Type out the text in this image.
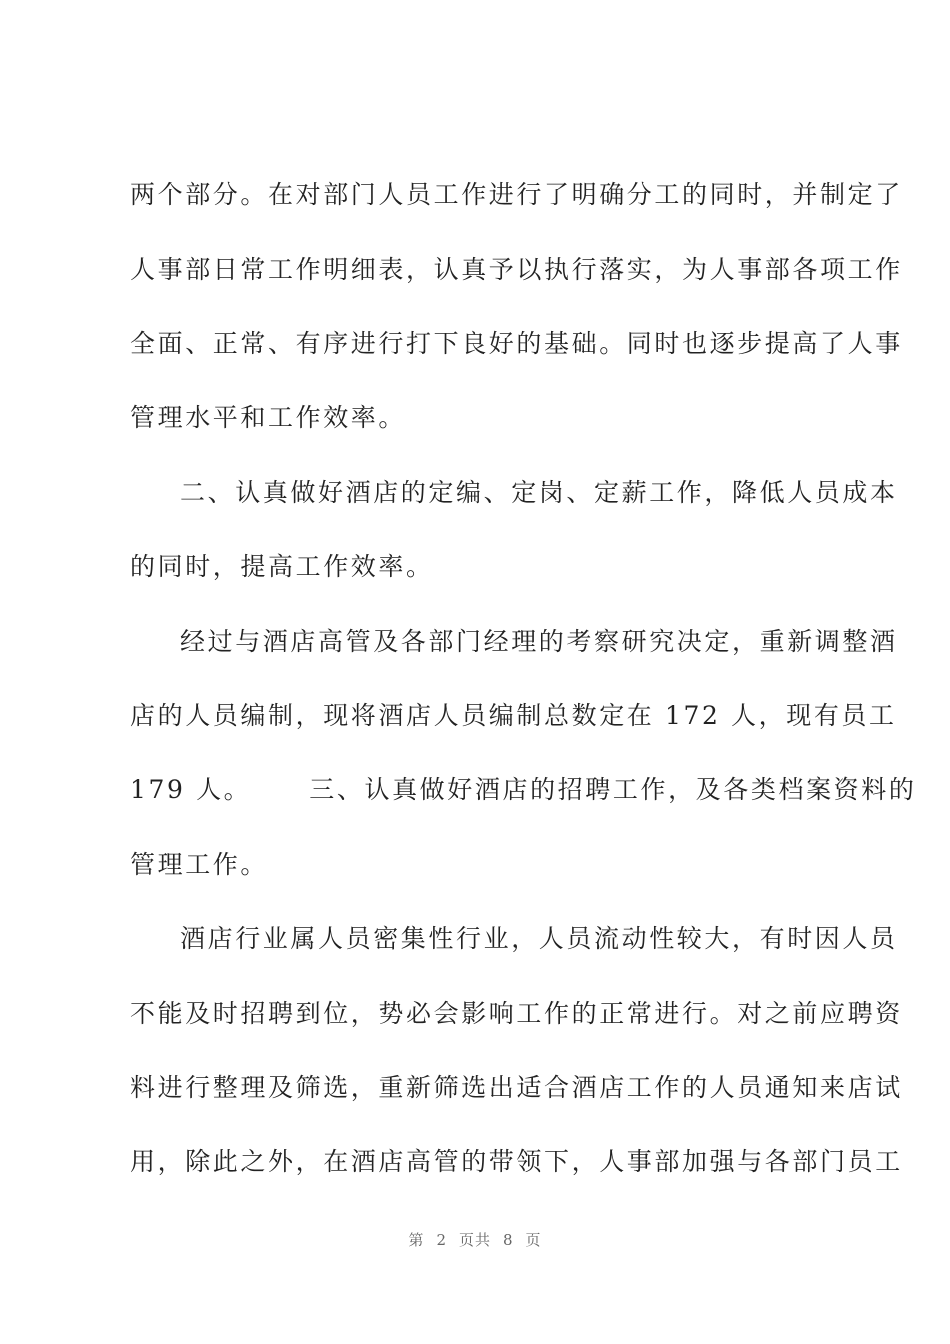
两个部分。在对部门人员工作进行了明确分工的同时，并制定了
人事部日常工作明细表，认真予以执行落实，为人事部各项工作
全面、正常、有序进行打下良好的基础。同时也逐步提高了人事
管理水平和工作效率。
二、认真做好酒店的定编、定岗、定薪工作，降低人员成本
的同时，提高工作效率。
经过与酒店高管及各部门经理的考察研究决定，重新调整酒
店的人员编制，现将酒店人员编制总数定在 172 人，现有员工
179 人。 三、认真做好酒店的招聘工作，及各类档案资料的
管理工作。
酒店行业属人员密集性行业，人员流动性较大，有时因人员
不能及时招聘到位，势必会影响工作的正常进行。对之前应聘资
料进行整理及筛选，重新筛选出适合酒店工作的人员通知来店试
用，除此之外，在酒店高管的带领下，人事部加强与各部门员工
第 2 页共 8 页
